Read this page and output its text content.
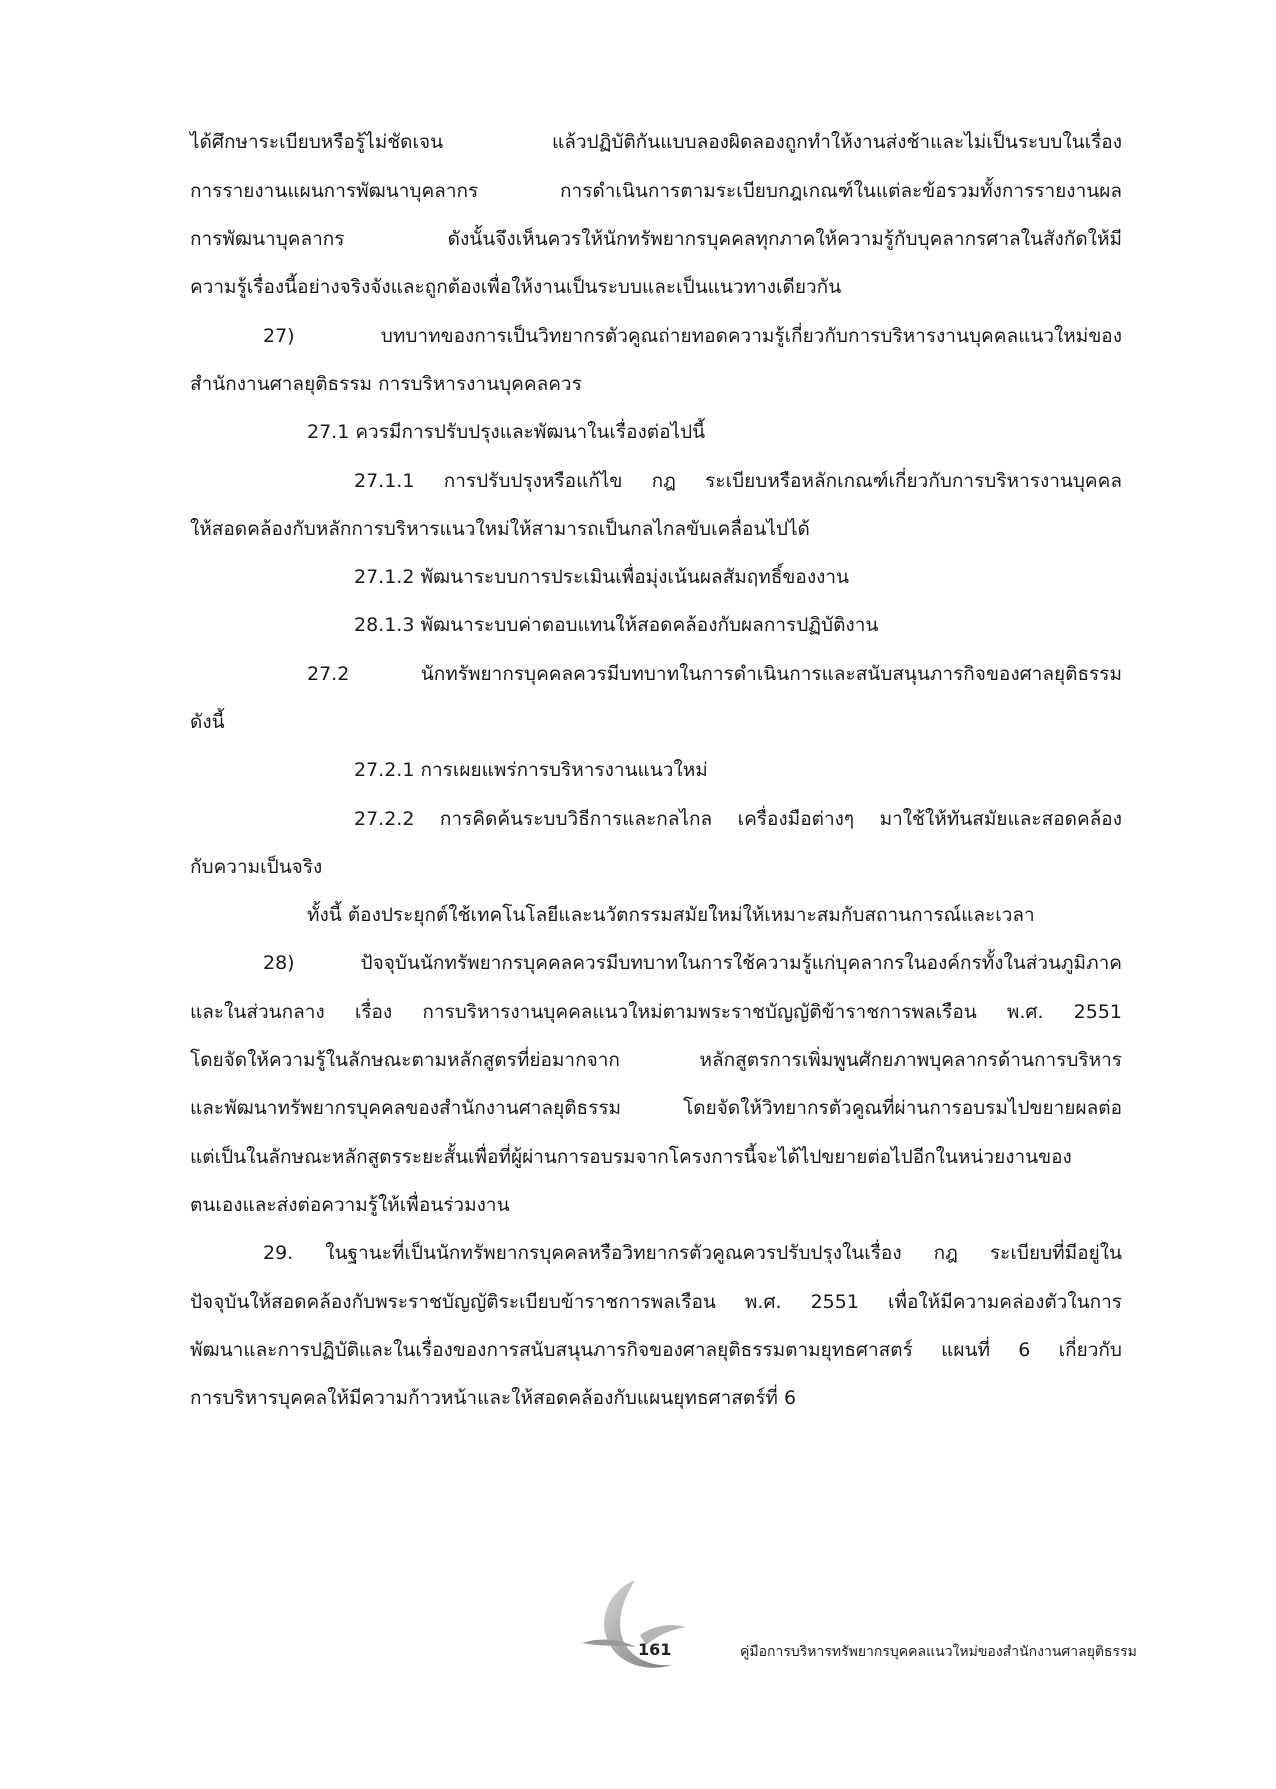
ได้ศึกษาระเบียบหรือรู้ไม่ชัดเจน แล้วปฏิบัติกันแบบลองผิดลองถูกทำให้งานส่งช้าและไม่เป็นระบบในเรื่อง
การรายงานแผนการพัฒนาบุคลากร การดำเนินการตามระเบียบกฎเกณฑ์ในแต่ละข้อรวมทั้งการรายงานผล
การพัฒนาบุคลากร ดังนั้นจึงเห็นควรให้นักทรัพยากรบุคคลทุกภาคให้ความรู้กับบุคลากรศาลในสังกัดให้มี
ความรู้เรื่องนี้อย่างจริงจังและถูกต้องเพื่อให้งานเป็นระบบและเป็นแนวทางเดียวกัน
27) บทบาทของการเป็นวิทยากรตัวคูณถ่ายทอดความรู้เกี่ยวกับการบริหารงานบุคคลแนวใหม่ของ
สำนักงานศาลยุติธรรม การบริหารงานบุคคลควร
27.1 ควรมีการปรับปรุงและพัฒนาในเรื่องต่อไปนี้
27.1.1 การปรับปรุงหรือแก้ไข กฎ ระเบียบหรือหลักเกณฑ์เกี่ยวกับการบริหารงานบุคคล
ให้สอดคล้องกับหลักการบริหารแนวใหม่ให้สามารถเป็นกลไกลขับเคลื่อนไปได้
27.1.2 พัฒนาระบบการประเมินเพื่อมุ่งเน้นผลสัมฤทธิ์ของงาน
28.1.3 พัฒนาระบบค่าตอบแทนให้สอดคล้องกับผลการปฏิบัติงาน
27.2 นักทรัพยากรบุคคลควรมีบทบาทในการดำเนินการและสนับสนุนภารกิจของศาลยุติธรรม
ดังนี้
27.2.1 การเผยแพร่การบริหารงานแนวใหม่
27.2.2 การคิดค้นระบบวิธีการและกลไกล เครื่องมือต่างๆ มาใช้ให้ทันสมัยและสอดคล้อง
กับความเป็นจริง
ทั้งนี้ ต้องประยุกต์ใช้เทคโนโลยีและนวัตกรรมสมัยใหม่ให้เหมาะสมกับสถานการณ์และเวลา
28) ปัจจุบันนักทรัพยากรบุคคลควรมีบทบาทในการใช้ความรู้แก่บุคลากรในองค์กรทั้งในส่วนภูมิภาค
และในส่วนกลาง เรื่อง การบริหารงานบุคคลแนวใหม่ตามพระราชบัญญัติข้าราชการพลเรือน พ.ศ. 2551
โดยจัดให้ความรู้ในลักษณะตามหลักสูตรที่ย่อมากจาก หลักสูตรการเพิ่มพูนศักยภาพบุคลากรด้านการบริหาร
และพัฒนาทรัพยากรบุคคลของสำนักงานศาลยุติธรรม โดยจัดให้วิทยากรตัวคูณที่ผ่านการอบรมไปขยายผลต่อ
แต่เป็นในลักษณะหลักสูตรระยะสั้นเพื่อที่ผู้ผ่านการอบรมจากโครงการนี้จะได้ไปขยายต่อไปอีกในหน่วยงานของ
ตนเองและส่งต่อความรู้ให้เพื่อนร่วมงาน
29. ในฐานะที่เป็นนักทรัพยากรบุคคลหรือวิทยากรตัวคูณควรปรับปรุงในเรื่อง กฎ ระเบียบที่มีอยู่ใน
ปัจจุบันให้สอดคล้องกับพระราชบัญญัติระเบียบข้าราชการพลเรือน พ.ศ. 2551 เพื่อให้มีความคล่องตัวในการ
พัฒนาและการปฏิบัติและในเรื่องของการสนับสนุนภารกิจของศาลยุติธรรมตามยุทธศาสตร์ แผนที่ 6 เกี่ยวกับ
การบริหารบุคคลให้มีความก้าวหน้าและให้สอดคล้องกับแผนยุทธศาสตร์ที่ 6
161	คู่มือการบริหารทรัพยากรบุคคลแนวใหม่ของสำนักงานศาลยุติธรรม
